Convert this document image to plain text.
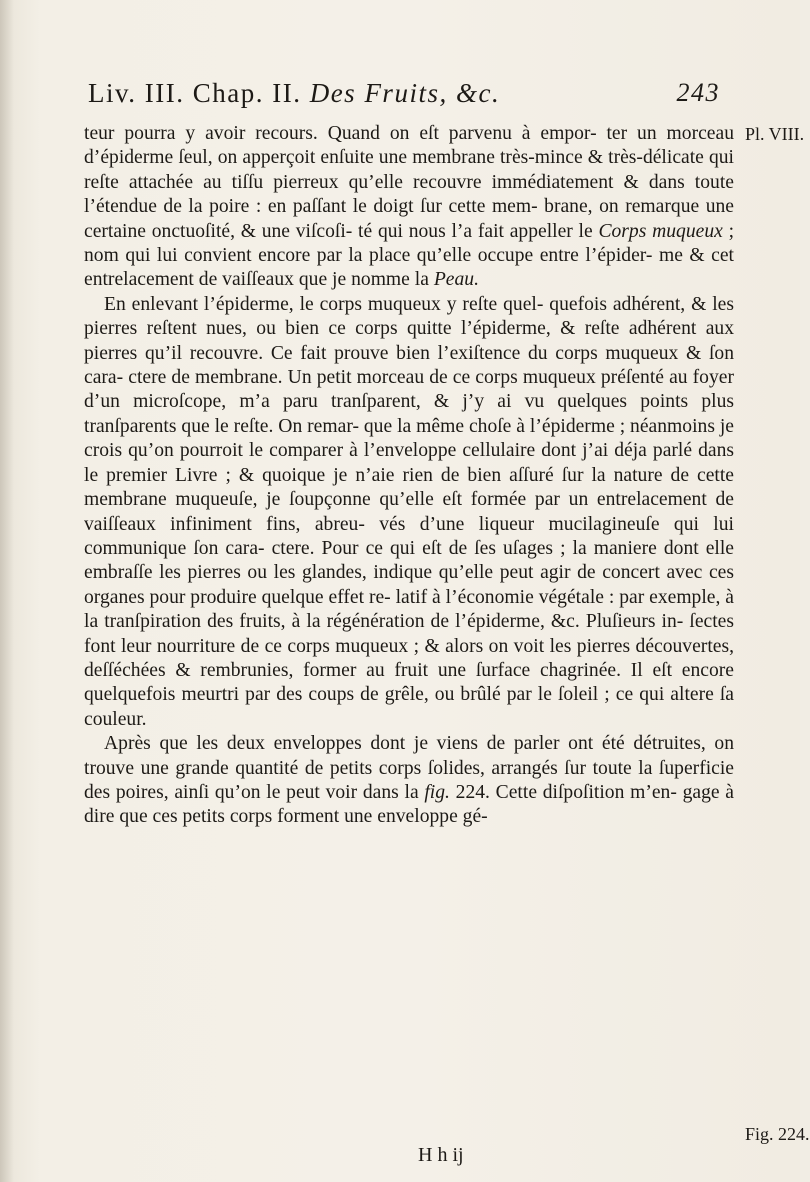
Liv. III. Chap. II. Des Fruits, &c.	243
Pl. VIII.

teur pourra y avoir recours. Quand on eſt parvenu à empor- ter un morceau d’épiderme ſeul, on apperçoit enſuite une membrane très-mince & très-délicate qui reſte attachée au tiſſu pierreux qu’elle recouvre immédiatement & dans toute l’étendue de la poire : en paſſant le doigt ſur cette mem- brane, on remarque une certaine onctuoſité, & une viſcoſi- té qui nous l’a fait appeller le Corps muqueux ; nom qui lui convient encore par la place qu’elle occupe entre l’épider- me & cet entrelacement de vaiſſeaux que je nomme la Peau.

En enlevant l’épiderme, le corps muqueux y reſte quel- quefois adhérent, & les pierres reſtent nues, ou bien ce corps quitte l’épiderme, & reſte adhérent aux pierres qu’il recouvre. Ce fait prouve bien l’exiſtence du corps muqueux & ſon cara- ctere de membrane. Un petit morceau de ce corps muqueux préſenté au foyer d’un microſcope, m’a paru tranſparent, & j’y ai vu quelques points plus tranſparents que le reſte. On remar- que la même choſe à l’épiderme ; néanmoins je crois qu’on pourroit le comparer à l’enveloppe cellulaire dont j’ai déja parlé dans le premier Livre ; & quoique je n’aie rien de bien aſſuré ſur la nature de cette membrane muqueuſe, je ſoupçonne qu’elle eſt formée par un entrelacement de vaiſſeaux infiniment fins, abreu- vés d’une liqueur mucilagineuſe qui lui communique ſon cara- ctere. Pour ce qui eſt de ſes uſages ; la maniere dont elle embraſſe les pierres ou les glandes, indique qu’elle peut agir de concert avec ces organes pour produire quelque effet re- latif à l’économie végétale : par exemple, à la tranſpiration des fruits, à la régénération de l’épiderme, &c. Pluſieurs in- ſectes font leur nourriture de ce corps muqueux ; & alors on voit les pierres découvertes, deſſéchées & rembrunies, former au fruit une ſurface chagrinée. Il eſt encore quelquefois meurtri par des coups de grêle, ou brûlé par le ſoleil ; ce qui altere ſa couleur.

Après que les deux enveloppes dont je viens de parler ont été détruites, on trouve une grande quantité de petits corps ſolides, arrangés ſur toute la ſuperficie des poires, ainſi qu’on le peut voir dans la fig. 224. Cette diſpoſition m’en- gage à dire que ces petits corps forment une enveloppe gé-

Fig. 224.
H h ij
